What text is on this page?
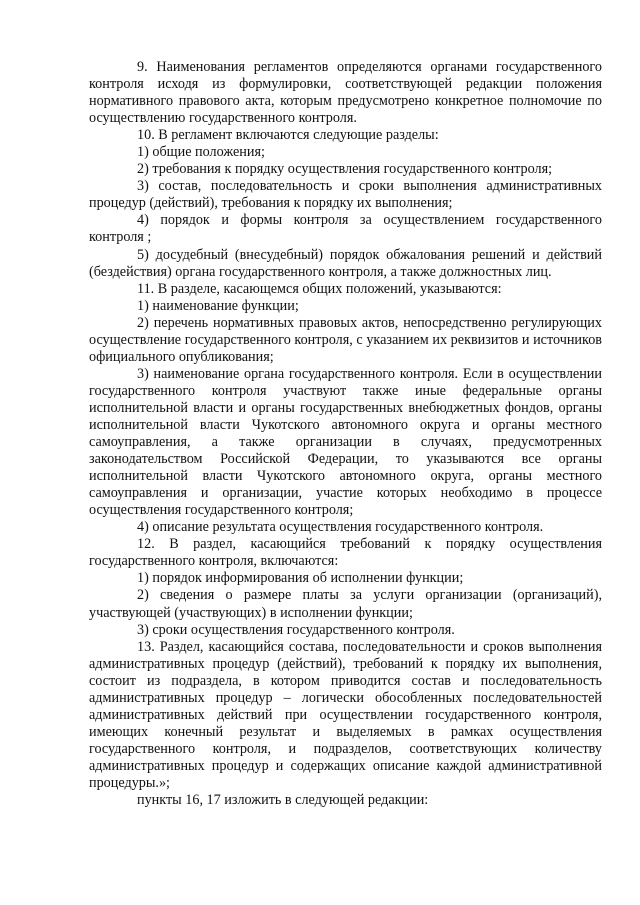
9. Наименования регламентов определяются органами государственного контроля исходя из формулировки, соответствующей редакции положения нормативного правового акта, которым предусмотрено конкретное полномочие по осуществлению государственного контроля.

10. В регламент включаются следующие разделы:

1) общие положения;

2) требования к порядку осуществления государственного контроля;

3) состав, последовательность и сроки выполнения административных процедур (действий), требования к порядку их выполнения;

4) порядок и формы контроля за осуществлением государственного контроля ;

5) досудебный (внесудебный) порядок обжалования решений и действий (бездействия) органа государственного контроля, а также должностных лиц.

11. В разделе, касающемся общих положений, указываются:

1) наименование функции;

2) перечень нормативных правовых актов, непосредственно регулирующих осуществление государственного контроля, с указанием их реквизитов и источников официального опубликования;

3) наименование органа государственного контроля. Если в осуществлении государственного контроля участвуют также иные федеральные органы исполнительной власти и органы государственных внебюджетных фондов, органы исполнительной власти Чукотского автономного округа и органы местного самоуправления, а также организации в случаях, предусмотренных законодательством Российской Федерации, то указываются все органы исполнительной власти Чукотского автономного округа, органы местного самоуправления и организации, участие которых необходимо в процессе осуществления государственного контроля;

4) описание результата осуществления государственного контроля.

12. В раздел, касающийся требований к порядку осуществления государственного контроля, включаются:

1) порядок информирования об исполнении функции;

2) сведения о размере платы за услуги организации (организаций), участвующей (участвующих) в исполнении функции;

3) сроки осуществления государственного контроля.

13. Раздел, касающийся состава, последовательности и сроков выполнения административных процедур (действий), требований к порядку их выполнения, состоит из подраздела, в котором приводится состав и последовательность административных процедур – логически обособленных последовательностей административных действий при осуществлении государственного контроля, имеющих конечный результат и выделяемых в рамках осуществления государственного контроля, и подразделов, соответствующих количеству административных процедур и содержащих описание каждой административной процедуры.»;

пункты 16, 17 изложить в следующей редакции:
